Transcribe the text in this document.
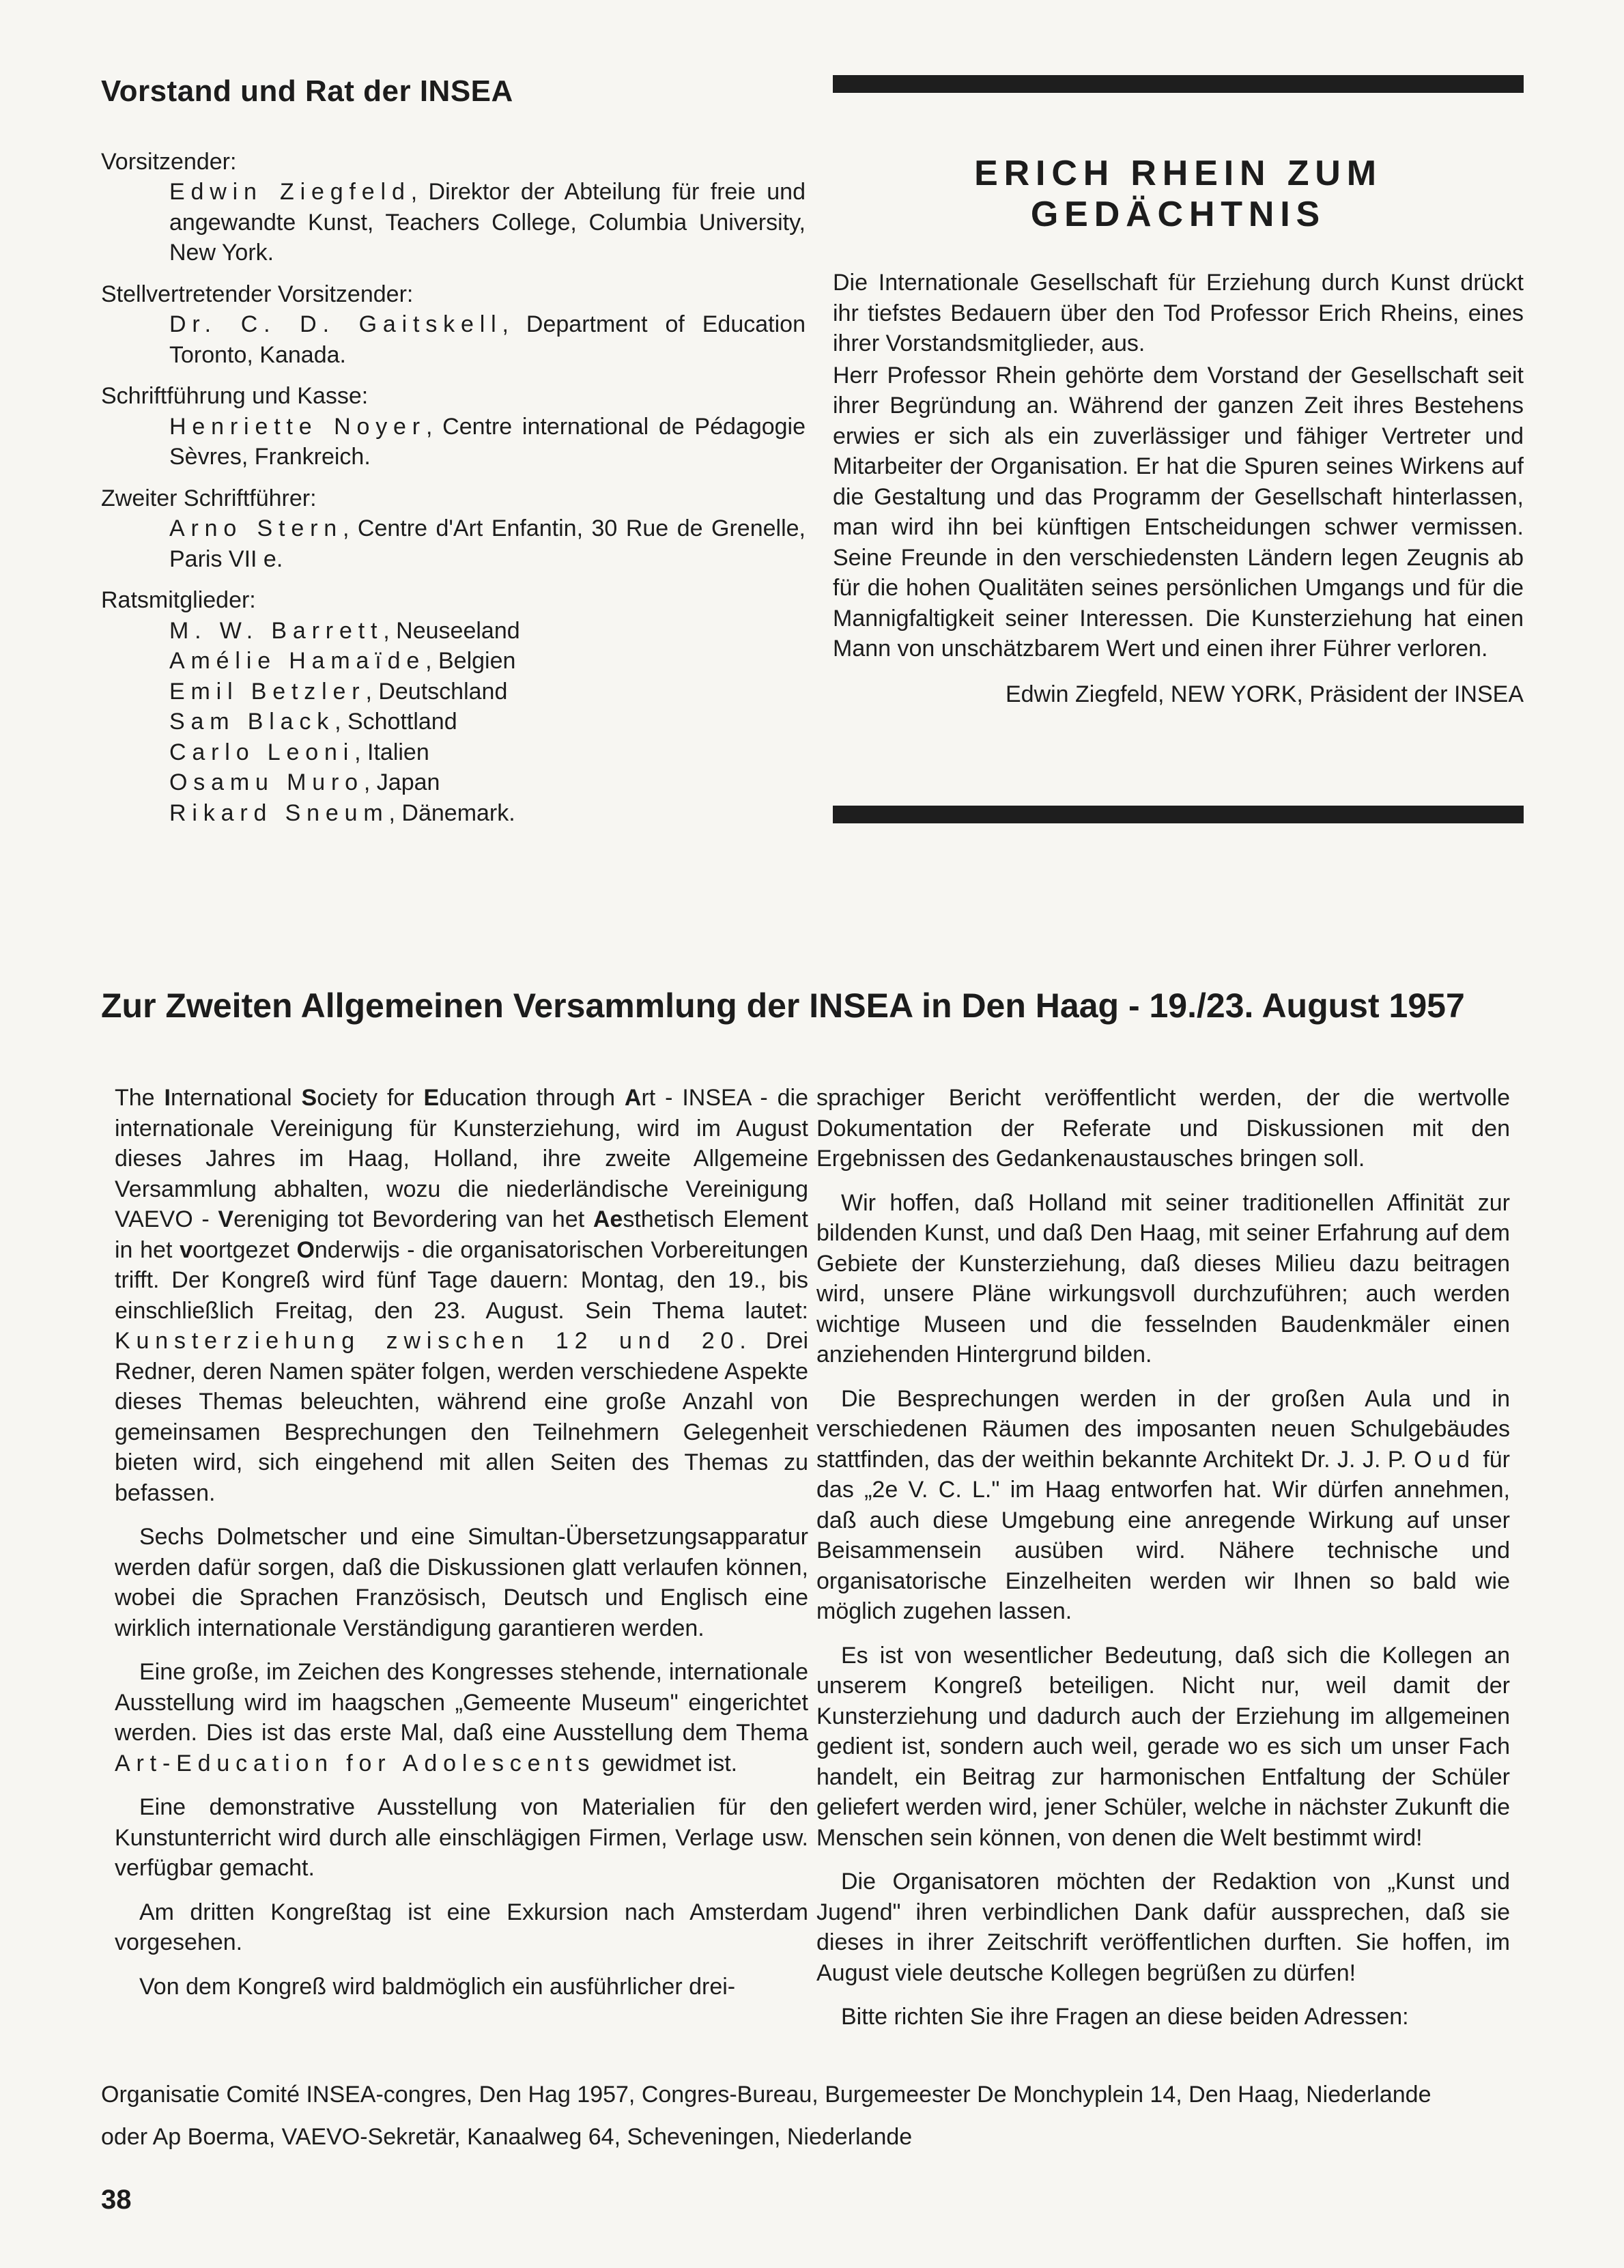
Vorstand und Rat der INSEA

Vorsitzender:

Edwin Ziegfeld, Direktor der Abteilung für freie und angewandte Kunst, Teachers College, Columbia University, New York.

Stellvertretender Vorsitzender:

Dr. C. D. Gaitskell, Department of Education Toronto, Kanada.

Schriftführung und Kasse:

Henriette Noyer, Centre international de Pédagogie Sèvres, Frankreich.

Zweiter Schriftführer:

Arno Stern, Centre d'Art Enfantin, 30 Rue de Grenelle, Paris VII e.

Ratsmitglieder:

M. W. Barrett, Neuseeland
Amélie Hamaïde, Belgien
Emil Betzler, Deutschland
Sam Black, Schottland
Carlo Leoni, Italien
Osamu Muro, Japan
Rikard Sneum, Dänemark.
ERICH RHEIN ZUM GEDÄCHTNIS

Die Internationale Gesellschaft für Erziehung durch Kunst drückt ihr tiefstes Bedauern über den Tod Professor Erich Rheins, eines ihrer Vorstandsmitglieder, aus.

Herr Professor Rhein gehörte dem Vorstand der Gesellschaft seit ihrer Begründung an. Während der ganzen Zeit ihres Bestehens erwies er sich als ein zuverlässiger und fähiger Vertreter und Mitarbeiter der Organisation. Er hat die Spuren seines Wirkens auf die Gestaltung und das Programm der Gesellschaft hinterlassen, man wird ihn bei künftigen Entscheidungen schwer vermissen. Seine Freunde in den verschiedensten Ländern legen Zeugnis ab für die hohen Qualitäten seines persönlichen Umgangs und für die Mannigfaltigkeit seiner Interessen. Die Kunsterziehung hat einen Mann von unschätzbarem Wert und einen ihrer Führer verloren.

Edwin Ziegfeld, NEW YORK, Präsident der INSEA

Zur Zweiten Allgemeinen Versammlung der INSEA in Den Haag - 19./23. August 1957

The International Society for Education through Art - INSEA - die internationale Vereinigung für Kunsterziehung, wird im August dieses Jahres im Haag, Holland, ihre zweite Allgemeine Versammlung abhalten, wozu die niederländische Vereinigung VAEVO - Vereniging tot Bevordering van het Aesthetisch Element in het voortgezet Onderwijs - die organisatorischen Vorbereitungen trifft. Der Kongreß wird fünf Tage dauern: Montag, den 19., bis einschließlich Freitag, den 23. August. Sein Thema lautet: Kunsterziehung zwischen 12 und 20. Drei Redner, deren Namen später folgen, werden verschiedene Aspekte dieses Themas beleuchten, während eine große Anzahl von gemeinsamen Besprechungen den Teilnehmern Gelegenheit bieten wird, sich eingehend mit allen Seiten des Themas zu befassen.

Sechs Dolmetscher und eine Simultan-Übersetzungsapparatur werden dafür sorgen, daß die Diskussionen glatt verlaufen können, wobei die Sprachen Französisch, Deutsch und Englisch eine wirklich internationale Verständigung garantieren werden.

Eine große, im Zeichen des Kongresses stehende, internationale Ausstellung wird im haagschen „Gemeente Museum" eingerichtet werden. Dies ist das erste Mal, daß eine Ausstellung dem Thema Art-Education for Adolescents gewidmet ist.

Eine demonstrative Ausstellung von Materialien für den Kunstunterricht wird durch alle einschlägigen Firmen, Verlage usw. verfügbar gemacht.

Am dritten Kongreßtag ist eine Exkursion nach Amsterdam vorgesehen.

Von dem Kongreß wird baldmöglich ein ausführlicher drei-

sprachiger Bericht veröffentlicht werden, der die wertvolle Dokumentation der Referate und Diskussionen mit den Ergebnissen des Gedankenaustausches bringen soll.

Wir hoffen, daß Holland mit seiner traditionellen Affinität zur bildenden Kunst, und daß Den Haag, mit seiner Erfahrung auf dem Gebiete der Kunsterziehung, daß dieses Milieu dazu beitragen wird, unsere Pläne wirkungsvoll durchzuführen; auch werden wichtige Museen und die fesselnden Baudenkmäler einen anziehenden Hintergrund bilden.

Die Besprechungen werden in der großen Aula und in verschiedenen Räumen des imposanten neuen Schulgebäudes stattfinden, das der weithin bekannte Architekt Dr. J. J. P. Oud für das „2e V. C. L." im Haag entworfen hat. Wir dürfen annehmen, daß auch diese Umgebung eine anregende Wirkung auf unser Beisammensein ausüben wird. Nähere technische und organisatorische Einzelheiten werden wir Ihnen so bald wie möglich zugehen lassen.

Es ist von wesentlicher Bedeutung, daß sich die Kollegen an unserem Kongreß beteiligen. Nicht nur, weil damit der Kunsterziehung und dadurch auch der Erziehung im allgemeinen gedient ist, sondern auch weil, gerade wo es sich um unser Fach handelt, ein Beitrag zur harmonischen Entfaltung der Schüler geliefert werden wird, jener Schüler, welche in nächster Zukunft die Menschen sein können, von denen die Welt bestimmt wird!

Die Organisatoren möchten der Redaktion von „Kunst und Jugend" ihren verbindlichen Dank dafür aussprechen, daß sie dieses in ihrer Zeitschrift veröffentlichen durften. Sie hoffen, im August viele deutsche Kollegen begrüßen zu dürfen!

Bitte richten Sie ihre Fragen an diese beiden Adressen:

Organisatie Comité INSEA-congres, Den Hag 1957, Congres-Bureau, Burgemeester De Monchyplein 14, Den Haag, Niederlande

oder Ap Boerma, VAEVO-Sekretär, Kanaalweg 64, Scheveningen, Niederlande

38
